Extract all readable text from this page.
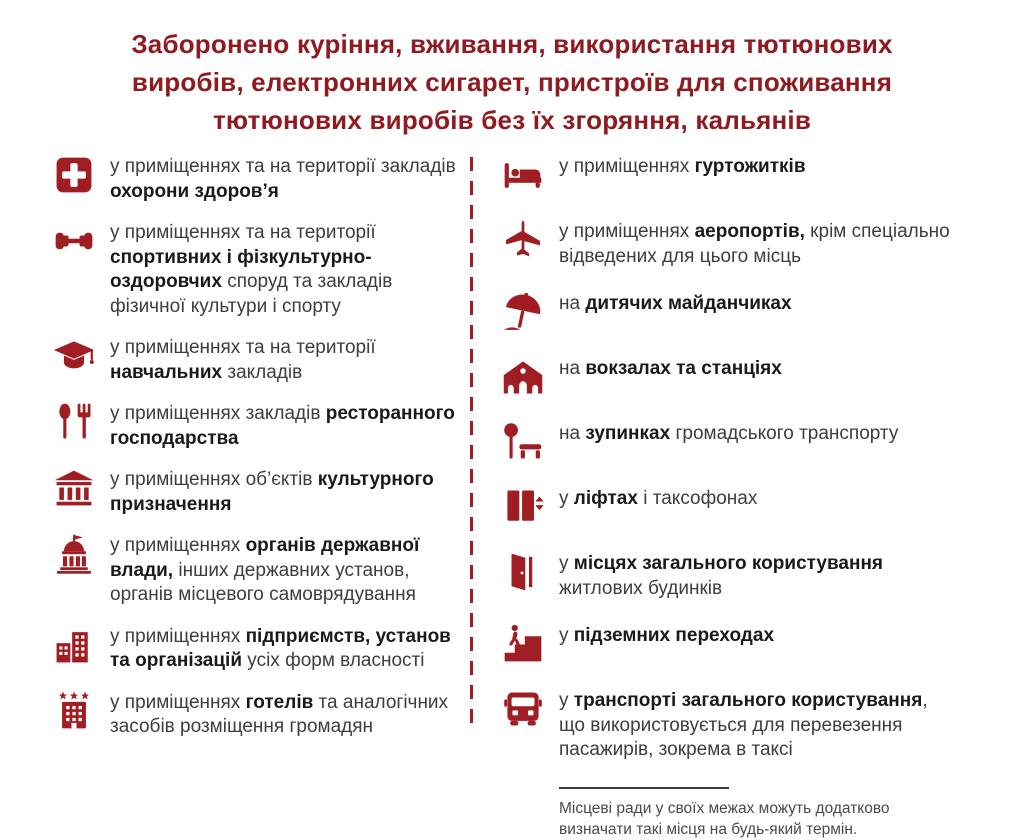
Заборонено куріння, вживання, використання тютюнових
виробів, електронних сигарет, пристроїв для споживання
тютюнових виробів без їх згоряння, кальянів

у приміщеннях та на території закладів охорони здоров’я

у приміщеннях та на території спортивних і фізкультурно-оздоровчих споруд та закладів фізичної культури і спорту

у приміщеннях та на території навчальних закладів

у приміщеннях закладів ресторанного господарства

у приміщеннях об’єктів культурного призначення

у приміщеннях органів державної влади, інших державних установ, органів місцевого самоврядування

у приміщеннях підприємств, установ та організацій усіх форм власності

у приміщеннях готелів та аналогічних засобів розміщення громадян

у приміщеннях гуртожитків

у приміщеннях аеропортів, крім спеціально відведених для цього місць

на дитячих майданчиках

на вокзалах та станціях

на зупинках громадського транспорту

у ліфтах і таксофонах

у місцях загального користування житлових будинків

у підземних переходах

у транспорті загального користування, що використовується для перевезення пасажирів, зокрема в таксі

Місцеві ради у своїх межах можуть додатково визначати такі місця на будь-який термін.
